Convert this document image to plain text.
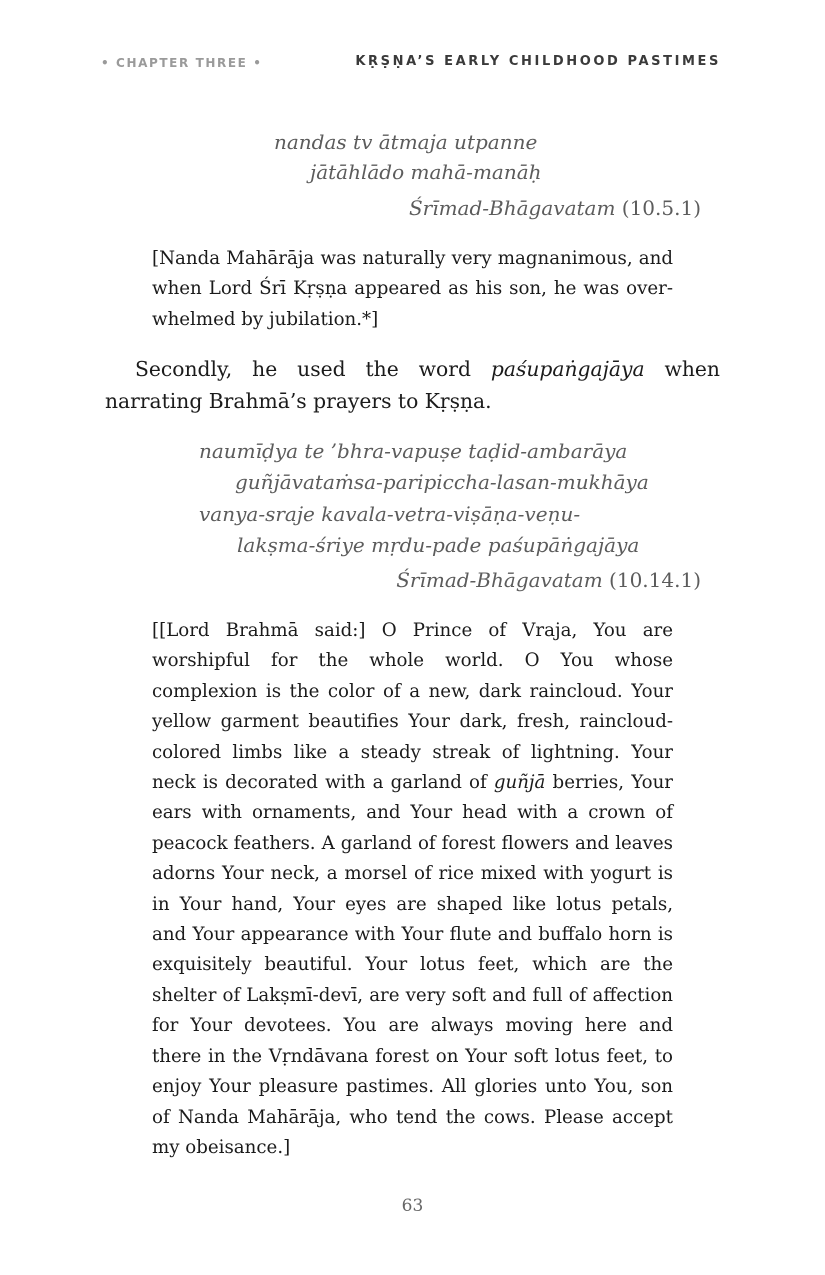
• CHAPTER THREE •	KṚṢṆA’S EARLY CHILDHOOD PASTIMES
nandas tv ātmaja utpanne
jātāhlādo mahā-manāḥ
Śrīmad-Bhāgavatam (10.5.1)
[Nanda Mahārāja was naturally very magnanimous, and when Lord Śrī Kṛṣṇa appeared as his son, he was overwhelmed by jubilation.*]
Secondly, he used the word paśupaṅgajāya when narrating Brahmā’s prayers to Kṛṣṇa.
naumīḍya te ’bhra-vapuṣe taḍid-ambarāya
guñjāvataṁsa-paripiccha-lasan-mukhāya
vanya-sraje kavala-vetra-viṣāṇa-veṇu-
lakṣma-śriye mṛdu-pade paśupāṅgajāya
Śrīmad-Bhāgavatam (10.14.1)
[[Lord Brahmā said:] O Prince of Vraja, You are worshipful for the whole world. O You whose complexion is the color of a new, dark raincloud. Your yellow garment beautifies Your dark, fresh, raincloud-colored limbs like a steady streak of lightning. Your neck is decorated with a garland of guñjā berries, Your ears with ornaments, and Your head with a crown of peacock feathers. A garland of forest flowers and leaves adorns Your neck, a morsel of rice mixed with yogurt is in Your hand, Your eyes are shaped like lotus petals, and Your appearance with Your flute and buffalo horn is exquisitely beautiful. Your lotus feet, which are the shelter of Lakṣmī-devī, are very soft and full of affection for Your devotees. You are always moving here and there in the Vṛndāvana forest on Your soft lotus feet, to enjoy Your pleasure pastimes. All glories unto You, son of Nanda Mahārāja, who tend the cows. Please accept my obeisance.]
63
